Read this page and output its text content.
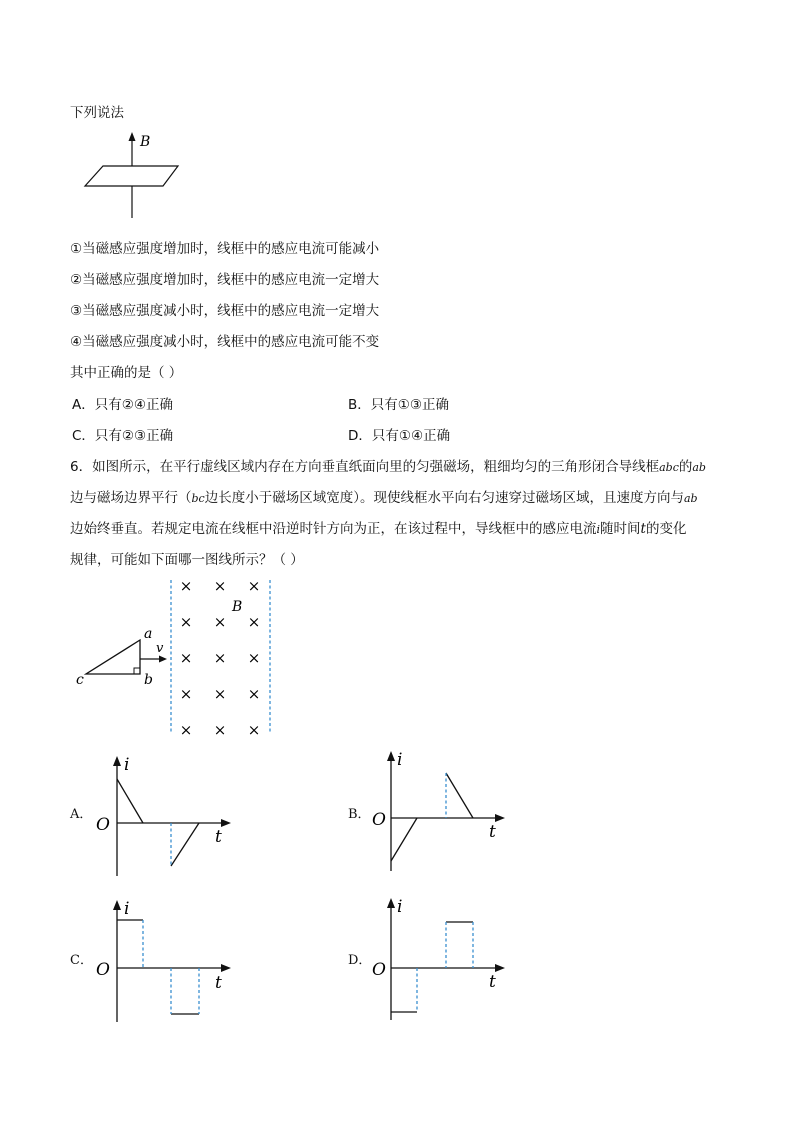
下列说法
B
①当磁感应强度增加时，线框中的感应电流可能减小
②当磁感应强度增加时，线框中的感应电流一定增大
③当磁感应强度减小时，线框中的感应电流一定增大
④当磁感应强度减小时，线框中的感应电流可能不变
其中正确的是（ ）
A．只有②④正确	B．只有①③正确
C．只有②③正确	D．只有①④正确
6．如图所示，在平行虚线区域内存在方向垂直纸面向里的匀强磁场，粗细均匀的三角形闭合导线框abc的ab
边与磁场边界平行（bc边长度小于磁场区域宽度）。现使线框水平向右匀速穿过磁场区域，且速度方向与ab
边始终垂直。若规定电流在线框中沿逆时针方向为正，在该过程中，导线框中的感应电流i随时间t的变化
规律，可能如下面哪一图线所示？（ ）
× × ×
× × ×
× × ×
× × ×
× × ×
B
v
a
b
c
A．
i
t
O
B．
i
t
O
C．
i
t
O	D．
i
t
O
